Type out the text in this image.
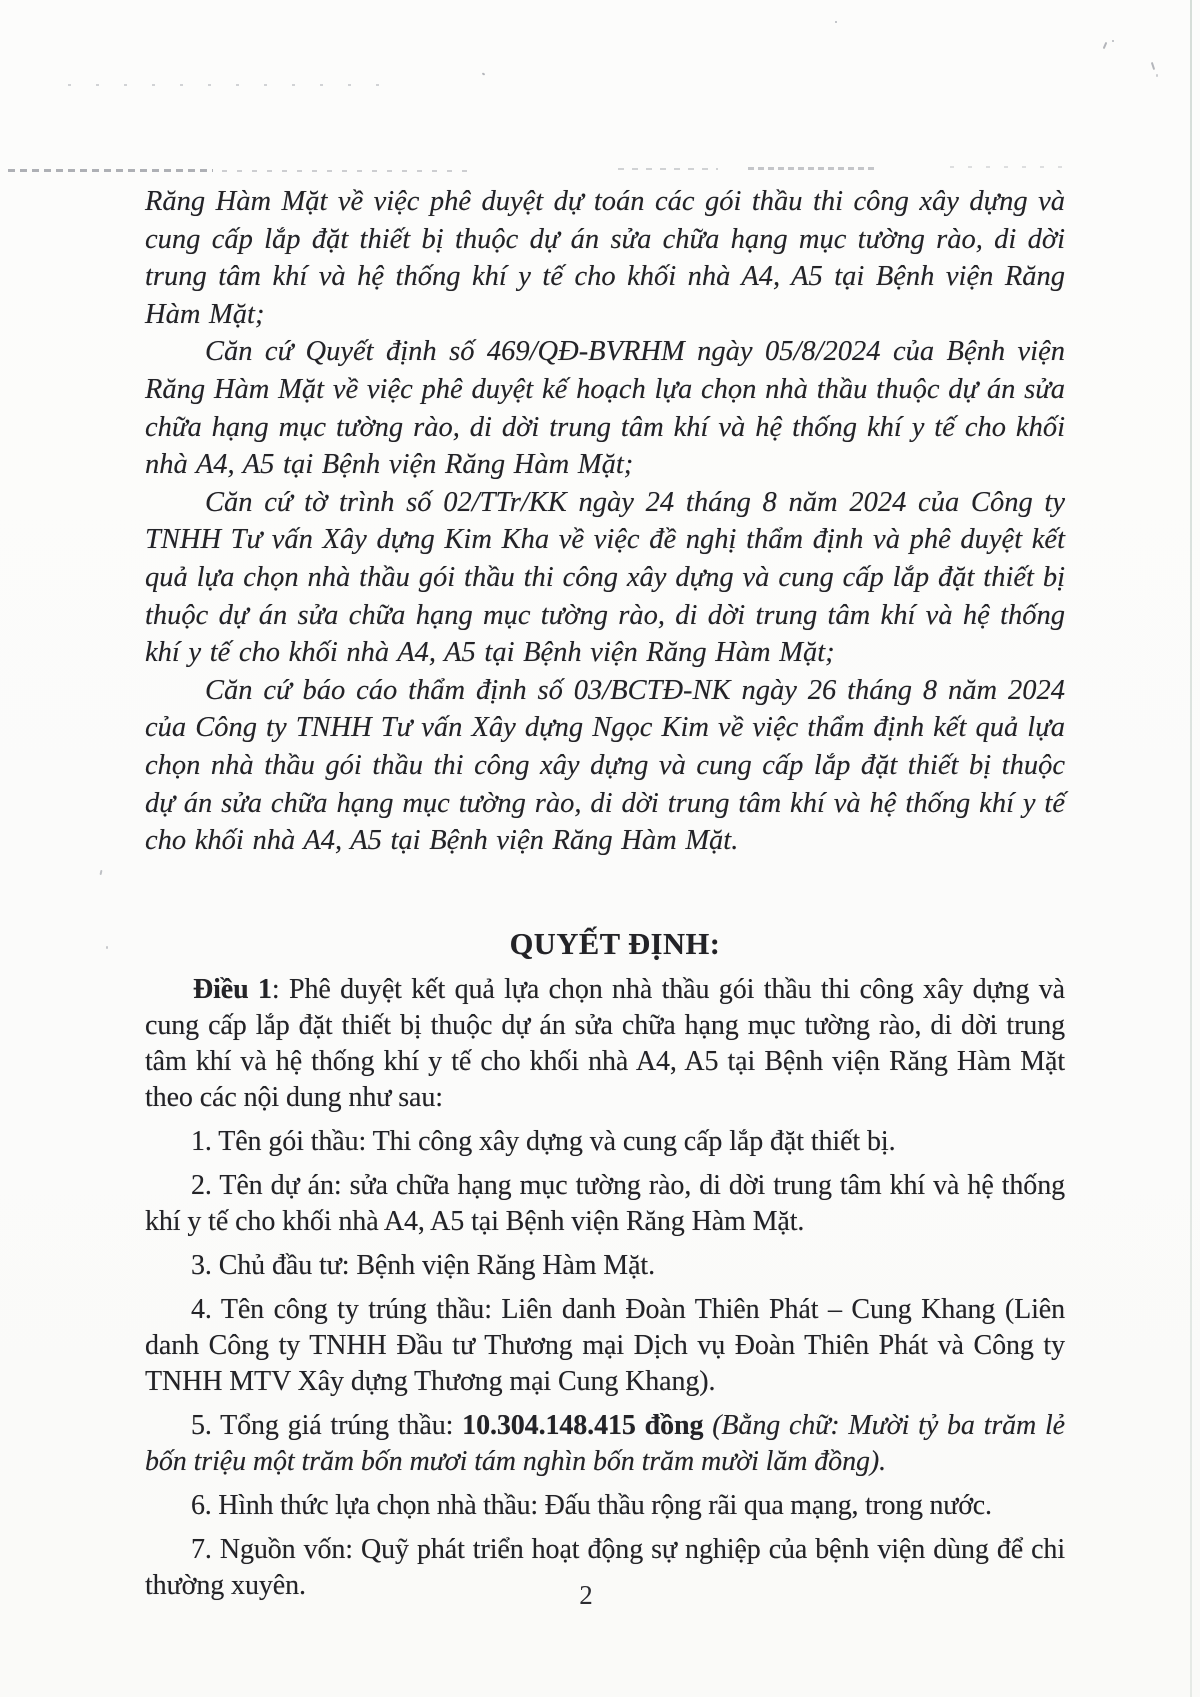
Răng Hàm Mặt về việc phê duyệt dự toán các gói thầu thi công xây dựng và cung cấp lắp đặt thiết bị thuộc dự án sửa chữa hạng mục tường rào, di dời trung tâm khí và hệ thống khí y tế cho khối nhà A4, A5 tại Bệnh viện Răng Hàm Mặt;

Căn cứ Quyết định số 469/QĐ-BVRHM ngày 05/8/2024 của Bệnh viện Răng Hàm Mặt về việc phê duyệt kế hoạch lựa chọn nhà thầu thuộc dự án sửa chữa hạng mục tường rào, di dời trung tâm khí và hệ thống khí y tế cho khối nhà A4, A5 tại Bệnh viện Răng Hàm Mặt;

Căn cứ tờ trình số 02/TTr/KK ngày 24 tháng 8 năm 2024 của Công ty TNHH Tư vấn Xây dựng Kim Kha về việc đề nghị thẩm định và phê duyệt kết quả lựa chọn nhà thầu gói thầu thi công xây dựng và cung cấp lắp đặt thiết bị thuộc dự án sửa chữa hạng mục tường rào, di dời trung tâm khí và hệ thống khí y tế cho khối nhà A4, A5 tại Bệnh viện Răng Hàm Mặt;

Căn cứ báo cáo thẩm định số 03/BCTĐ-NK ngày 26 tháng 8 năm 2024 của Công ty TNHH Tư vấn Xây dựng Ngọc Kim về việc thẩm định kết quả lựa chọn nhà thầu gói thầu thi công xây dựng và cung cấp lắp đặt thiết bị thuộc dự án sửa chữa hạng mục tường rào, di dời trung tâm khí và hệ thống khí y tế cho khối nhà A4, A5 tại Bệnh viện Răng Hàm Mặt.

QUYẾT ĐỊNH:

Điều 1: Phê duyệt kết quả lựa chọn nhà thầu gói thầu thi công xây dựng và cung cấp lắp đặt thiết bị thuộc dự án sửa chữa hạng mục tường rào, di dời trung tâm khí và hệ thống khí y tế cho khối nhà A4, A5 tại Bệnh viện Răng Hàm Mặt theo các nội dung như sau:

1. Tên gói thầu: Thi công xây dựng và cung cấp lắp đặt thiết bị.

2. Tên dự án: sửa chữa hạng mục tường rào, di dời trung tâm khí và hệ thống khí y tế cho khối nhà A4, A5 tại Bệnh viện Răng Hàm Mặt.

3. Chủ đầu tư: Bệnh viện Răng Hàm Mặt.

4. Tên công ty trúng thầu: Liên danh Đoàn Thiên Phát – Cung Khang (Liên danh Công ty TNHH Đầu tư Thương mại Dịch vụ Đoàn Thiên Phát và Công ty TNHH MTV Xây dựng Thương mại Cung Khang).

5. Tổng giá trúng thầu: 10.304.148.415 đồng (Bằng chữ: Mười tỷ ba trăm lẻ bốn triệu một trăm bốn mươi tám nghìn bốn trăm mười lăm đồng).

6. Hình thức lựa chọn nhà thầu: Đấu thầu rộng rãi qua mạng, trong nước.

7. Nguồn vốn: Quỹ phát triển hoạt động sự nghiệp của bệnh viện dùng để chi thường xuyên.	2
